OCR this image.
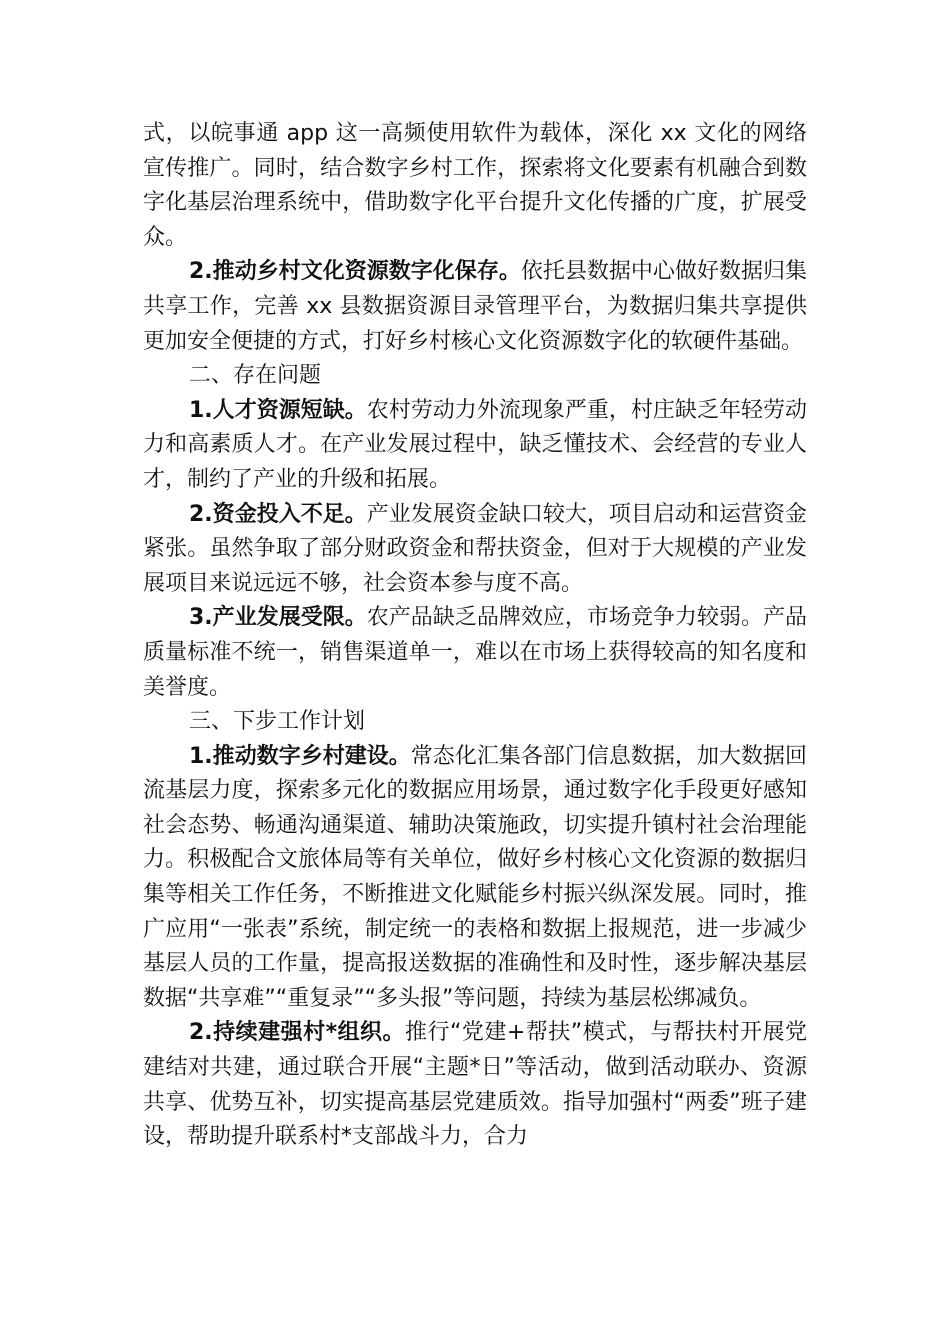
式，以皖事通 app 这一高频使用软件为载体，深化 xx 文化的网络宣传推广。同时，结合数字乡村工作，探索将文化要素有机融合到数字化基层治理系统中，借助数字化平台提升文化传播的广度，扩展受众。

2.推动乡村文化资源数字化保存。依托县数据中心做好数据归集共享工作，完善 xx 县数据资源目录管理平台，为数据归集共享提供更加安全便捷的方式，打好乡村核心文化资源数字化的软硬件基础。

二、存在问题

1.人才资源短缺。农村劳动力外流现象严重，村庄缺乏年轻劳动力和高素质人才。在产业发展过程中，缺乏懂技术、会经营的专业人才，制约了产业的升级和拓展。

2.资金投入不足。产业发展资金缺口较大，项目启动和运营资金紧张。虽然争取了部分财政资金和帮扶资金，但对于大规模的产业发展项目来说远远不够，社会资本参与度不高。

3.产业发展受限。农产品缺乏品牌效应，市场竞争力较弱。产品质量标准不统一，销售渠道单一，难以在市场上获得较高的知名度和美誉度。

三、下步工作计划

1.推动数字乡村建设。常态化汇集各部门信息数据，加大数据回流基层力度，探索多元化的数据应用场景，通过数字化手段更好感知社会态势、畅通沟通渠道、辅助决策施政，切实提升镇村社会治理能力。积极配合文旅体局等有关单位，做好乡村核心文化资源的数据归集等相关工作任务，不断推进文化赋能乡村振兴纵深发展。同时，推广应用“一张表”系统，制定统一的表格和数据上报规范，进一步减少基层人员的工作量，提高报送数据的准确性和及时性，逐步解决基层数据“共享难”“重复录”“多头报”等问题，持续为基层松绑减负。

2.持续建强村*组织。推行“党建+帮扶”模式，与帮扶村开展党建结对共建，通过联合开展“主题*日”等活动，做到活动联办、资源共享、优势互补，切实提高基层党建质效。指导加强村“两委”班子建设，帮助提升联系村*支部战斗力，合力
